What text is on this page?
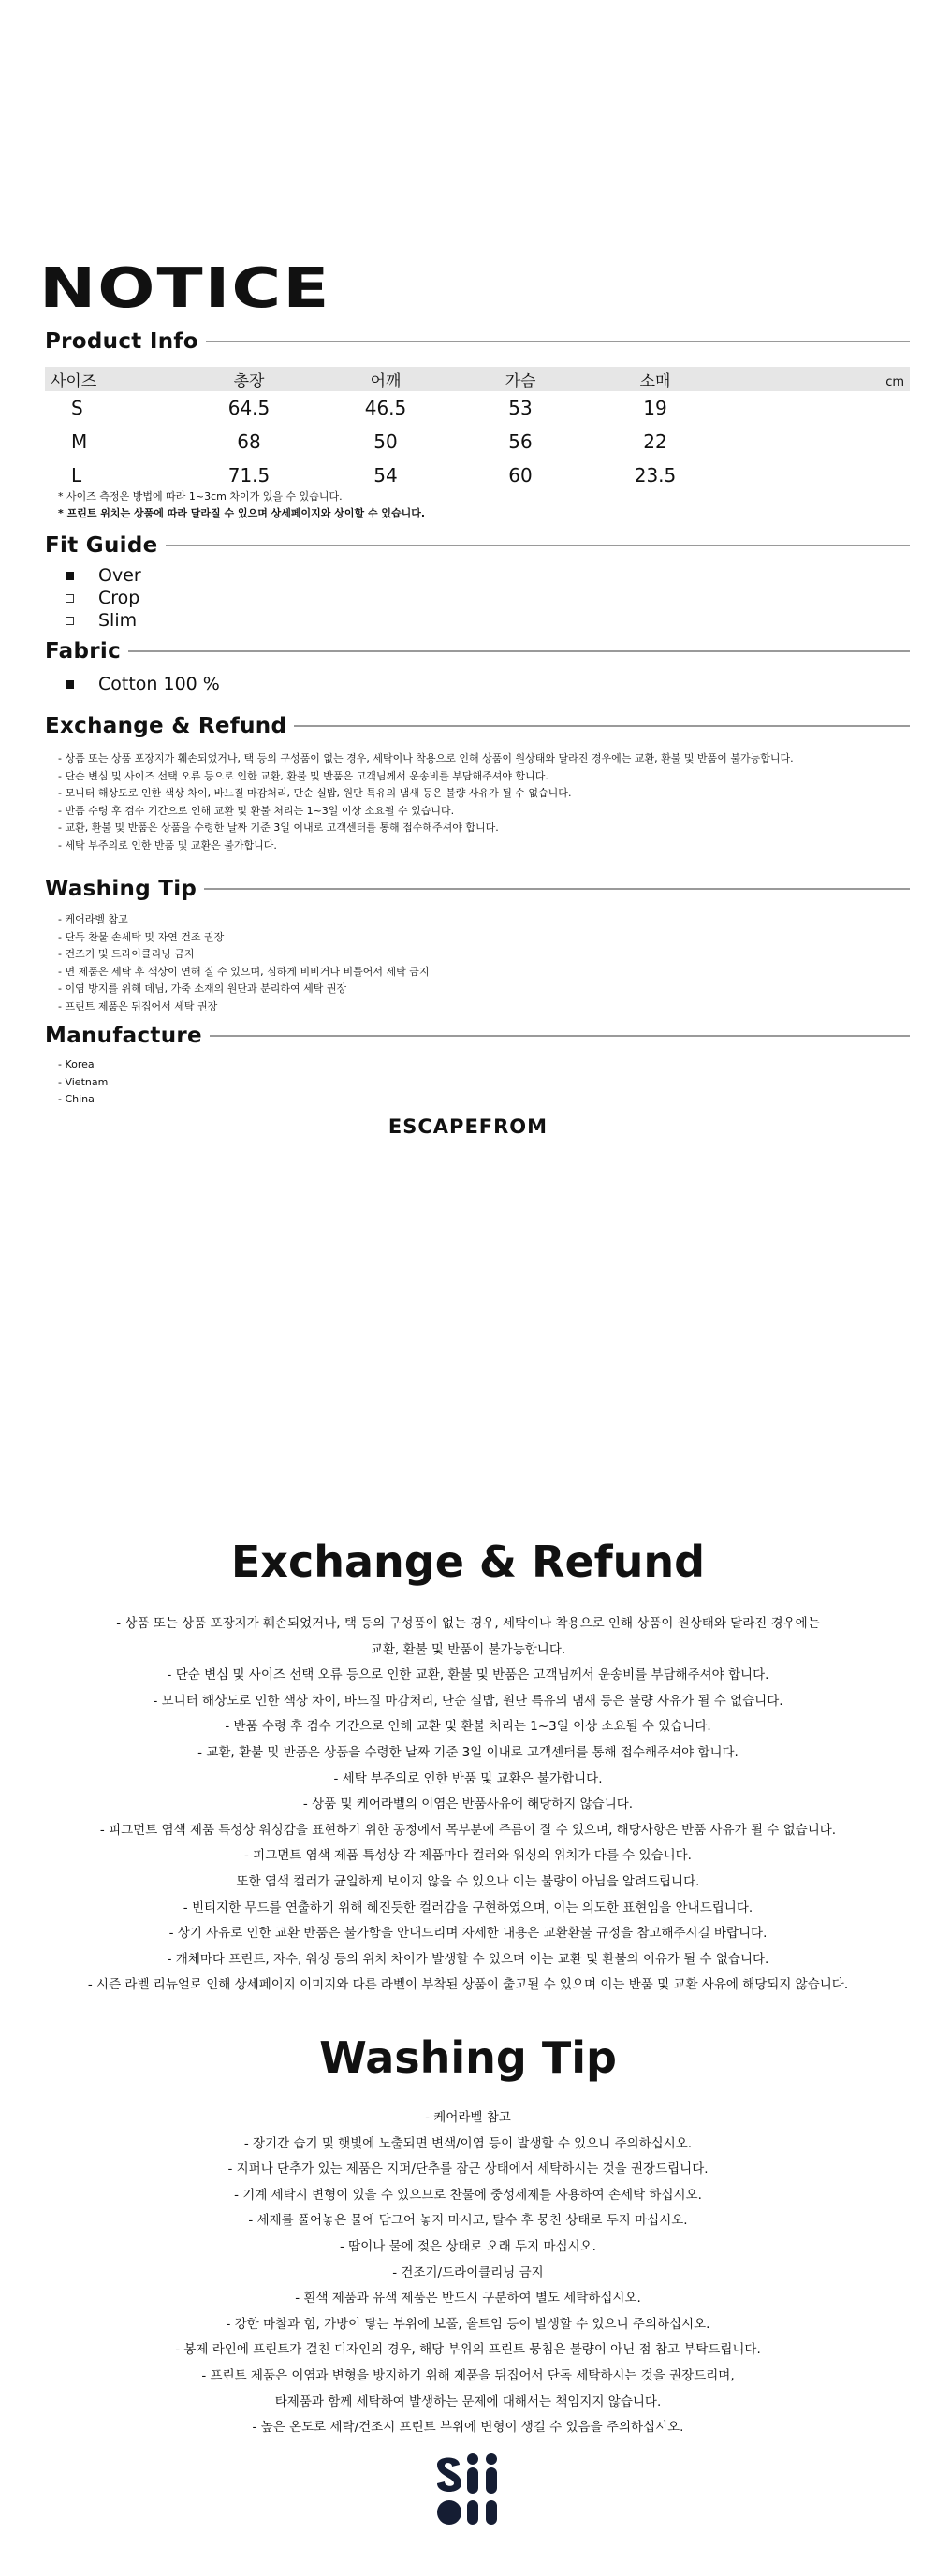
NOTICE
Product Info
사이즈	총장	어깨	가슴	소매	cm
S	64.5	46.5	53	19
M	68	50	56	22
L	71.5	54	60	23.5
* 사이즈 측정은 방법에 따라 1~3cm 차이가 있을 수 있습니다.
* 프린트 위치는 상품에 따라 달라질 수 있으며 상세페이지와 상이할 수 있습니다.
Fit Guide
Over
Crop
Slim
Fabric
Cotton 100 %
Exchange & Refund
- 상품 또는 상품 포장지가 훼손되었거나, 택 등의 구성품이 없는 경우, 세탁이나 착용으로 인해 상품이 원상태와 달라진 경우에는 교환, 환불 및 반품이 불가능합니다.
- 단순 변심 및 사이즈 선택 오류 등으로 인한 교환, 환불 및 반품은 고객님께서 운송비를 부담해주셔야 합니다.
- 모니터 해상도로 인한 색상 차이, 바느질 마감처리, 단순 실밥, 원단 특유의 냄새 등은 불량 사유가 될 수 없습니다.
- 반품 수령 후 검수 기간으로 인해 교환 및 환불 처리는 1~3일 이상 소요될 수 있습니다.
- 교환, 환불 및 반품은 상품을 수령한 날짜 기준 3일 이내로 고객센터를 통해 접수해주셔야 합니다.
- 세탁 부주의로 인한 반품 및 교환은 불가합니다.
Washing Tip
- 케어라벨 참고
- 단독 찬물 손세탁 및 자연 건조 권장
- 건조기 및 드라이클리닝 금지
- 면 제품은 세탁 후 색상이 연해 질 수 있으며, 심하게 비비거나 비틀어서 세탁 금지
- 이염 방지를 위해 데님, 가죽 소재의 원단과 분리하여 세탁 권장
- 프린트 제품은 뒤집어서 세탁 권장
Manufacture
- Korea
- Vietnam
- China
ESCAPEFROM
Exchange & Refund
- 상품 또는 상품 포장지가 훼손되었거나, 택 등의 구성품이 없는 경우, 세탁이나 착용으로 인해 상품이 원상태와 달라진 경우에는
교환, 환불 및 반품이 불가능합니다.
- 단순 변심 및 사이즈 선택 오류 등으로 인한 교환, 환불 및 반품은 고객님께서 운송비를 부담해주셔야 합니다.
- 모니터 해상도로 인한 색상 차이, 바느질 마감처리, 단순 실밥, 원단 특유의 냄새 등은 불량 사유가 될 수 없습니다.
- 반품 수령 후 검수 기간으로 인해 교환 및 환불 처리는 1~3일 이상 소요될 수 있습니다.
- 교환, 환불 및 반품은 상품을 수령한 날짜 기준 3일 이내로 고객센터를 통해 접수해주셔야 합니다.
- 세탁 부주의로 인한 반품 및 교환은 불가합니다.
- 상품 및 케어라벨의 이염은 반품사유에 해당하지 않습니다.
- 피그먼트 염색 제품 특성상 워싱감을 표현하기 위한 공정에서 목부분에 주름이 질 수 있으며, 해당사항은 반품 사유가 될 수 없습니다.
- 피그먼트 염색 제품 특성상 각 제품마다 컬러와 워싱의 위치가 다를 수 있습니다.
또한 염색 컬러가 균일하게 보이지 않을 수 있으나 이는 불량이 아님을 알려드립니다.
- 빈티지한 무드를 연출하기 위해 헤진듯한 컬러감을 구현하였으며, 이는 의도한 표현임을 안내드립니다.
- 상기 사유로 인한 교환 반품은 불가함을 안내드리며 자세한 내용은 교환환불 규정을 참고해주시길 바랍니다.
- 개체마다 프린트, 자수, 워싱 등의 위치 차이가 발생할 수 있으며 이는 교환 및 환불의 이유가 될 수 없습니다.
- 시즌 라벨 리뉴얼로 인해 상세페이지 이미지와 다른 라벨이 부착된 상품이 출고될 수 있으며 이는 반품 및 교환 사유에 해당되지 않습니다.
Washing Tip
- 케어라벨 참고
- 장기간 습기 및 햇빛에 노출되면 변색/이염 등이 발생할 수 있으니 주의하십시오.
- 지퍼나 단추가 있는 제품은 지퍼/단추를 잠근 상태에서 세탁하시는 것을 권장드립니다.
- 기계 세탁시 변형이 있을 수 있으므로 찬물에 중성세제를 사용하여 손세탁 하십시오.
- 세제를 풀어놓은 물에 담그어 놓지 마시고, 탈수 후 뭉친 상태로 두지 마십시오.
- 땀이나 물에 젖은 상태로 오래 두지 마십시오.
- 건조기/드라이클리닝 금지
- 흰색 제품과 유색 제품은 반드시 구분하여 별도 세탁하십시오.
- 강한 마찰과 힘, 가방이 닿는 부위에 보풀, 올트임 등이 발생할 수 있으니 주의하십시오.
- 봉제 라인에 프린트가 걸친 디자인의 경우, 해당 부위의 프린트 뭉침은 불량이 아닌 점 참고 부탁드립니다.
- 프린트 제품은 이염과 변형을 방지하기 위해 제품을 뒤집어서 단독 세탁하시는 것을 권장드리며,
타제품과 함께 세탁하여 발생하는 문제에 대해서는 책임지지 않습니다.
- 높은 온도로 세탁/건조시 프린트 부위에 변형이 생길 수 있음을 주의하십시오.
